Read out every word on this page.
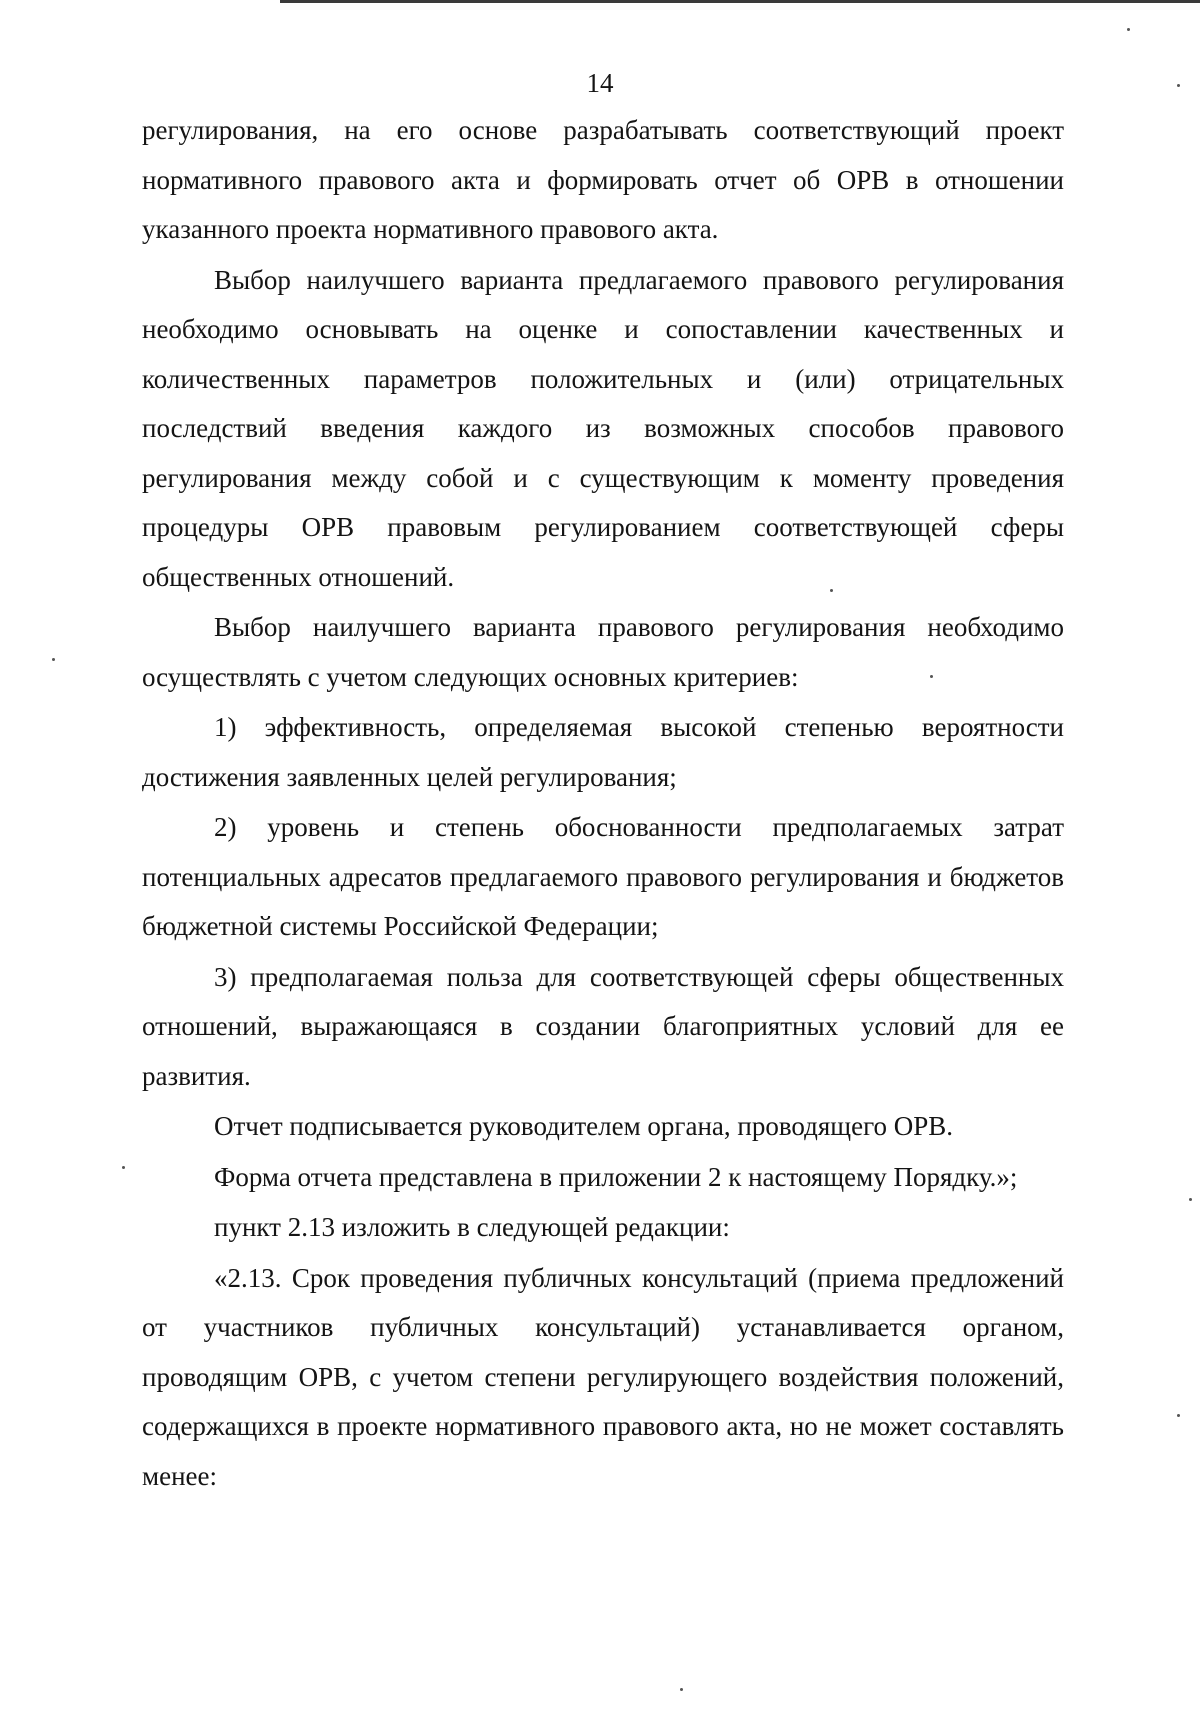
14

регулирования, на его основе разрабатывать соответствующий проект нормативного правового акта и формировать отчет об ОРВ в отношении указанного проекта нормативного правового акта.

Выбор наилучшего варианта предлагаемого правового регулирования необходимо основывать на оценке и сопоставлении качественных и количественных параметров положительных и (или) отрицательных последствий введения каждого из возможных способов правового регулирования между собой и с существующим к моменту проведения процедуры ОРВ правовым регулированием соответствующей сферы общественных отношений.

Выбор наилучшего варианта правового регулирования необходимо осуществлять с учетом следующих основных критериев:

1) эффективность, определяемая высокой степенью вероятности достижения заявленных целей регулирования;

2) уровень и степень обоснованности предполагаемых затрат потенциальных адресатов предлагаемого правового регулирования и бюджетов бюджетной системы Российской Федерации;

3) предполагаемая польза для соответствующей сферы общественных отношений, выражающаяся в создании благоприятных условий для ее развития.

Отчет подписывается руководителем органа, проводящего ОРВ.

Форма отчета представлена в приложении 2 к настоящему Порядку.»;

пункт 2.13 изложить в следующей редакции:

«2.13. Срок проведения публичных консультаций (приема предложений от участников публичных консультаций) устанавливается органом, проводящим ОРВ, с учетом степени регулирующего воздействия положений, содержащихся в проекте нормативного правового акта, но не может составлять менее:
